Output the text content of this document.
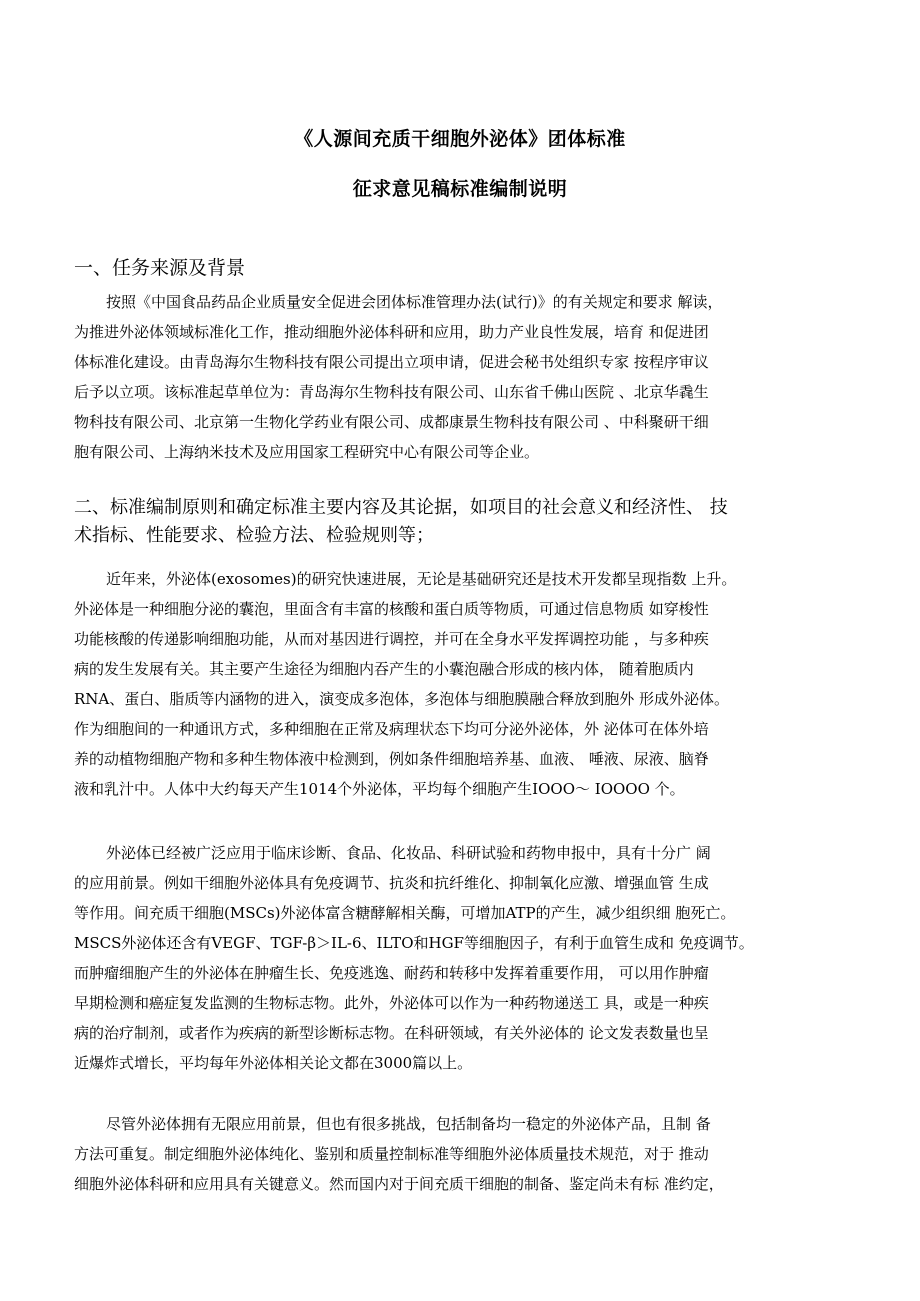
《人源间充质干细胞外泌体》团体标准
征求意见稿标准编制说明
一、任务来源及背景
按照《中国食品药品企业质量安全促进会团体标准管理办法(试行)》的有关规定和要求 解读，
为推进外泌体领域标准化工作，推动细胞外泌体科研和应用，助力产业良性发展，培育 和促进团
体标准化建设。由青岛海尔生物科技有限公司提出立项申请，促进会秘书处组织专家 按程序审议
后予以立项。该标准起草单位为：青岛海尔生物科技有限公司、山东省千佛山医院 、北京华毳生
物科技有限公司、北京第一生物化学药业有限公司、成都康景生物科技有限公司 、中科聚研干细
胞有限公司、上海纳米技术及应用国家工程研究中心有限公司等企业。
二、标准编制原则和确定标准主要内容及其论据，如项目的社会意义和经济性、 技
术指标、性能要求、检验方法、检验规则等；
近年来，外泌体(exosomes)的研究快速进展，无论是基础研究还是技术开发都呈现指数 上升。
外泌体是一种细胞分泌的囊泡，里面含有丰富的核酸和蛋白质等物质，可通过信息物质 如穿梭性
功能核酸的传递影响细胞功能，从而对基因进行调控，并可在全身水平发挥调控功能 ，与多种疾
病的发生发展有关。其主要产生途径为细胞内吞产生的小囊泡融合形成的核内体， 随着胞质内
RNA、蛋白、脂质等内涵物的进入，演变成多泡体，多泡体与细胞膜融合释放到胞外 形成外泌体。
作为细胞间的一种通讯方式，多种细胞在正常及病理状态下均可分泌外泌体，外 泌体可在体外培
养的动植物细胞产物和多种生物体液中检测到，例如条件细胞培养基、血液、 唾液、尿液、脑脊
液和乳汁中。人体中大约每天产生1014个外泌体，平均每个细胞产生IOOO～ IOOOO 个。
外泌体已经被广泛应用于临床诊断、食品、化妆品、科研试验和药物申报中，具有十分广 阔
的应用前景。例如干细胞外泌体具有免疫调节、抗炎和抗纤维化、抑制氧化应激、增强血管 生成
等作用。间充质干细胞(MSCs)外泌体富含糖酵解相关酶，可增加ATP的产生，减少组织细 胞死亡。
MSCS外泌体还含有VEGF、TGF-β＞IL-6、ILTO和HGF等细胞因子，有利于血管生成和 免疫调节。
而肿瘤细胞产生的外泌体在肿瘤生长、免疫逃逸、耐药和转移中发挥着重要作用， 可以用作肿瘤
早期检测和癌症复发监测的生物标志物。此外，外泌体可以作为一种药物递送工 具，或是一种疾
病的治疗制剂，或者作为疾病的新型诊断标志物。在科研领域，有关外泌体的 论文发表数量也呈
近爆炸式增长，平均每年外泌体相关论文都在3000篇以上。
尽管外泌体拥有无限应用前景，但也有很多挑战，包括制备均一稳定的外泌体产品，且制 备
方法可重复。制定细胞外泌体纯化、鉴别和质量控制标准等细胞外泌体质量技术规范，对于 推动
细胞外泌体科研和应用具有关键意义。然而国内对于间充质干细胞的制备、鉴定尚未有标 准约定，
